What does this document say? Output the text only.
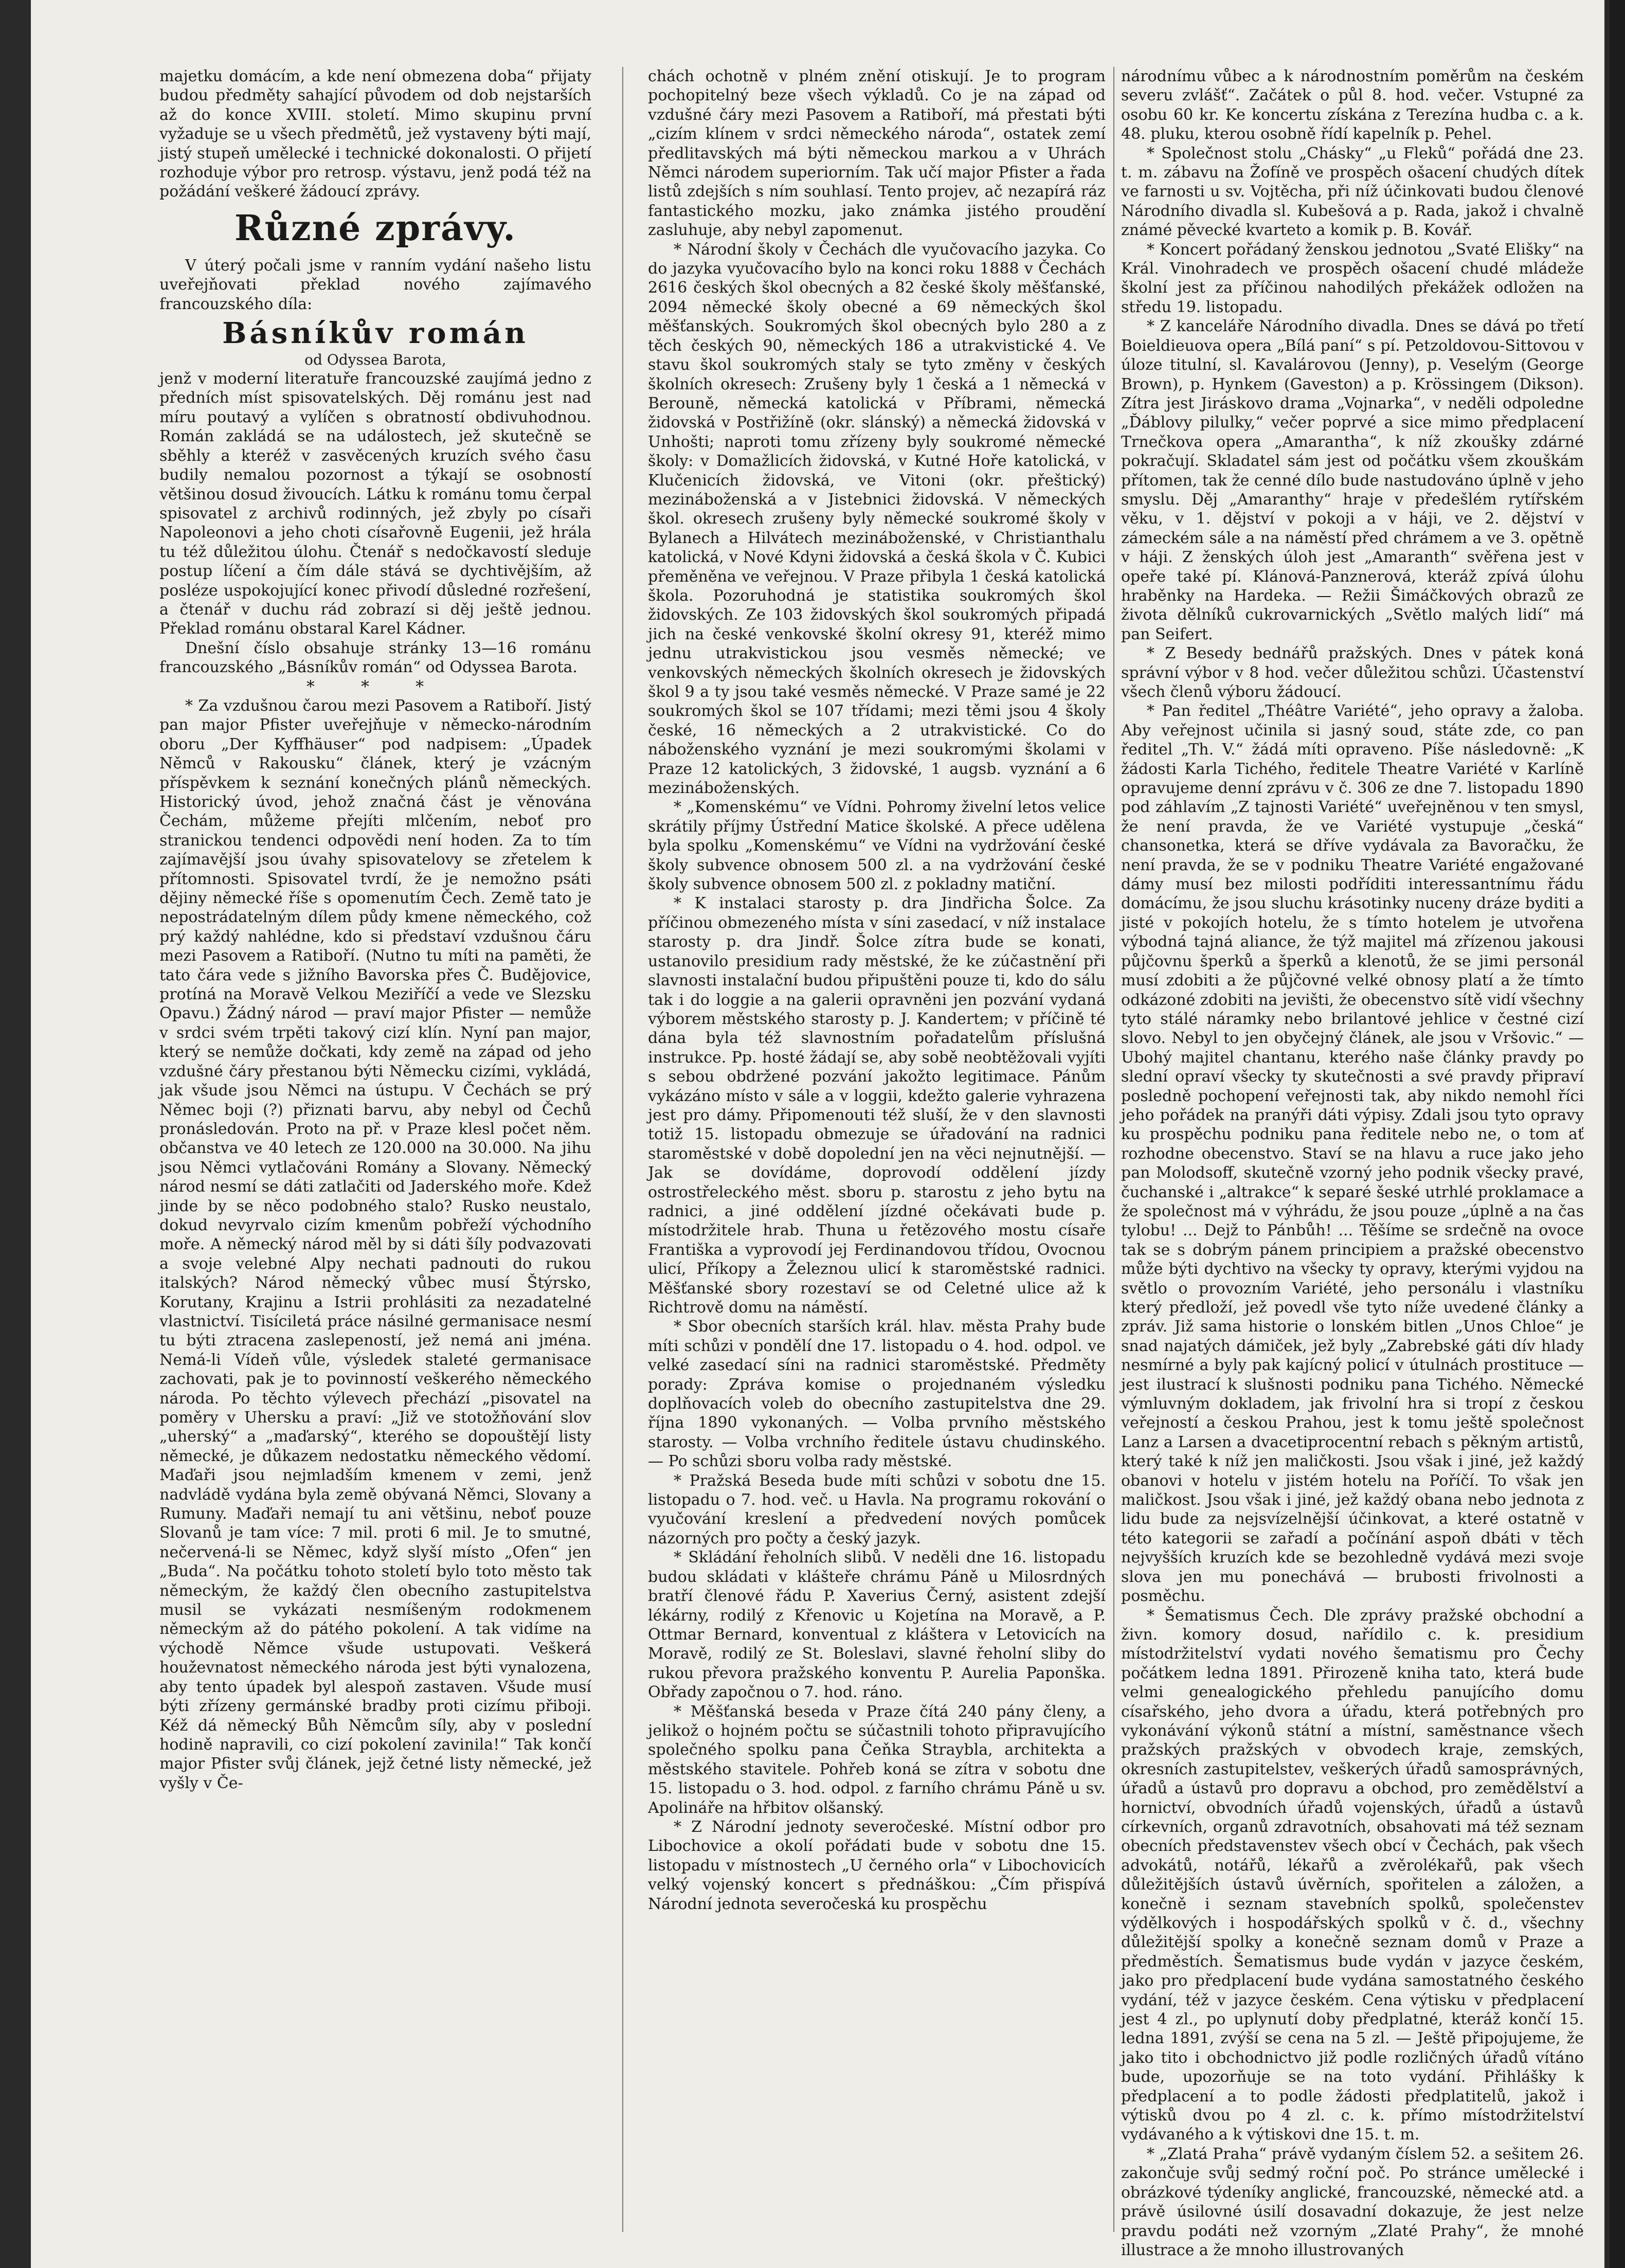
majetku domácím, a kde není obmezena doba“ přijaty budou předměty sahající původem od dob nejstarších až do konce XVIII. století. Mimo skupinu první vyžaduje se u všech předmětů, jež vystaveny býti mají, jistý stupeň umělecké i technické dokonalosti. O přijetí rozhoduje výbor pro retrosp. výstavu, jenž podá též na požádání veškeré žádoucí zprávy.

Různé zprávy.

V úterý počali jsme v ranním vydání našeho listu uveřejňovati překlad nového zajímavého francouzského díla:

Básníkův román
od Odyssea Barota,

jenž v moderní literatuře francouzské zaujímá jedno z předních míst spisovatelských. Děj románu jest nad míru poutavý a vylíčen s obratností obdivuhodnou. Román zakládá se na událostech, jež skutečně se sběhly a kteréž v zasvěcených kruzích svého času budily nemalou pozornost a týkají se osobností většinou dosud živoucích. Látku k románu tomu čerpal spisovatel z archivů rodinných, jež zbyly po císaři Napoleonovi a jeho choti císařovně Eugenii, jež hrála tu též důležitou úlohu. Čtenář s nedočkavostí sleduje postup líčení a čím dále stává se dychtivějším, až posléze uspokojující konec přivodí důsledné rozřešení, a čtenář v duchu rád zobrazí si děj ještě jednou. Překlad románu obstaral Karel Kádner.

Dnešní číslo obsahuje stránky 13—16 románu francouzského „Básníkův román“ od Odyssea Barota.

* * *

* Za vzdušnou čarou mezi Pasovem a Ratiboří. Jistý pan major Pfister uveřejňuje v německo-národním oboru „Der Kyffhäuser“ pod nadpisem: „Úpadek Němců v Rakousku“ článek, který je vzácným příspěvkem k seznání konečných plánů německých. Historický úvod, jehož značná část je věnována Čechám, můžeme přejíti mlčením, neboť pro stranickou tendenci odpovědi není hoden. Za to tím zajímavější jsou úvahy spisovatelovy se zřetelem k přítomnosti. Spisovatel tvrdí, že je nemožno psáti dějiny německé říše s opomenutím Čech. Země tato je nepostrádatelným dílem půdy kmene německého, což prý každý nahlédne, kdo si představí vzdušnou čáru mezi Pasovem a Ratiboří. (Nutno tu míti na paměti, že tato čára vede s jižního Bavorska přes Č. Budějovice, protíná na Moravě Velkou Meziříčí a vede ve Slezsku Opavu.) Žádný národ — praví major Pfister — nemůže v srdci svém trpěti takový cizí klín. Nyní pan major, který se nemůže dočkati, kdy země na západ od jeho vzdušné čáry přestanou býti Německu cizími, vykládá, jak všude jsou Němci na ústupu. V Čechách se prý Němec boji (?) přiznati barvu, aby nebyl od Čechů pronásledován. Proto na př. v Praze klesl počet něm. občanstva ve 40 letech ze 120.000 na 30.000. Na jihu jsou Němci vytlačováni Romány a Slovany. Německý národ nesmí se dáti zatlačiti od Jaderského moře. Kdež jinde by se něco podobného stalo? Rusko neustalo, dokud nevyrvalo cizím kmenům pobřeží východního moře. A německý národ měl by si dáti šíly podvazovati a svoje velebné Alpy nechati padnouti do rukou italských? Národ německý vůbec musí Štýrsko, Korutany, Krajinu a Istrii prohlásiti za nezadatelné vlastnictví. Tisíciletá práce násilné germanisace nesmí tu býti ztracena zaslepeností, jež nemá ani jména. Nemá-li Vídeň vůle, výsledek staleté germanisace zachovati, pak je to povinností veškerého německého národa. Po těchto výlevech přechází „pisovatel na poměry v Uhersku a praví: „Již ve stotožňování slov „uherský“ a „maďarský“, kterého se dopouštějí listy německé, je důkazem nedostatku německého vědomí. Maďaři jsou nejmladším kmenem v zemi, jenž nadvládě vydána byla země obývaná Němci, Slovany a Rumuny. Maďaři nemají tu ani většinu, neboť pouze Slovanů je tam více: 7 mil. proti 6 mil. Je to smutné, nečervená-li se Němec, když slyší místo „Ofen“ jen „Buda“. Na počátku tohoto století bylo toto město tak německým, že každý člen obecního zastupitelstva musil se vykázati nesmíšeným rodokmenem německým až do pátého pokolení. A tak vidíme na východě Němce všude ustupovati. Veškerá houževnatost německého národa jest býti vynalozena, aby tento úpadek byl alespoň zastaven. Všude musí býti zřízeny germánské bradby proti cizímu přiboji. Kéž dá německý Bůh Němcům síly, aby v poslední hodině napravili, co cizí pokolení zavinila!“ Tak končí major Pfister svůj článek, jejž četné listy německé, jež vyšly v Če-

chách ochotně v plném znění otiskují. Je to program pochopitelný beze všech výkladů. Co je na západ od vzdušné čáry mezi Pasovem a Ratiboří, má přestati býti „cizím klínem v srdci německého národa“, ostatek zemí předlitavských má býti německou markou a v Uhrách Němci národem superiorním. Tak učí major Pfister a řada listů zdejších s ním souhlasí. Tento projev, ač nezapírá ráz fantastického mozku, jako známka jistého proudění zasluhuje, aby nebyl zapomenut.

* Národní školy v Čechách dle vyučovacího jazyka. Co do jazyka vyučovacího bylo na konci roku 1888 v Čechách 2616 českých škol obecných a 82 české školy měšťanské, 2094 německé školy obecné a 69 německých škol měšťanských. Soukromých škol obecných bylo 280 a z těch českých 90, německých 186 a utrakvistické 4. Ve stavu škol soukromých staly se tyto změny v českých školních okresech: Zrušeny byly 1 česká a 1 německá v Berouně, německá katolická v Příbrami, německá židovská v Postřižíně (okr. slánský) a německá židovská v Unhošti; naproti tomu zřízeny byly soukromé německé školy: v Domažlicích židovská, v Kutné Hoře katolická, v Klučenicích židovská, ve Vitoni (okr. přeštický) mezináboženská a v Jistebnici židovská. V německých škol. okresech zrušeny byly německé soukromé školy v Bylanech a Hilvátech mezináboženské, v Christianthalu katolická, v Nové Kdyni židovská a česká škola v Č. Kubici přeměněna ve veřejnou. V Praze přibyla 1 česká katolická škola. Pozoruhodná je statistika soukromých škol židovských. Ze 103 židovských škol soukromých připadá jich na české venkovské školní okresy 91, kteréž mimo jednu utrakvistickou jsou vesměs německé; ve venkovských německých školních okresech je židovských škol 9 a ty jsou také vesměs německé. V Praze samé je 22 soukromých škol se 107 třídami; mezi těmi jsou 4 školy české, 16 německých a 2 utrakvistické. Co do náboženského vyznání je mezi soukromými školami v Praze 12 katolických, 3 židovské, 1 augsb. vyznání a 6 mezináboženských.

* „Komenskému“ ve Vídni. Pohromy živelní letos velice skrátily příjmy Ústřední Matice školské. A přece udělena byla spolku „Komenskému“ ve Vídni na vydržování české školy subvence obnosem 500 zl. a na vydržování české školy subvence obnosem 500 zl. z pokladny matiční.

* K instalaci starosty p. dra Jindřicha Šolce. Za příčinou obmezeného místa v síni zasedací, v níž instalace starosty p. dra Jindř. Šolce zítra bude se konati, ustanovilo presidium rady městské, že ke zúčastnění při slavnosti instalační budou připuštěni pouze ti, kdo do sálu tak i do loggie a na galerii opravněni jen pozvání vydaná výborem městského starosty p. J. Kandertem; v příčině té dána byla též slavnostním pořadatelům příslušná instrukce. Pp. hosté žádají se, aby sobě neobtěžovali vyjíti s sebou obdržené pozvání jakožto legitimace. Pánům vykázáno místo v sále a v loggii, kdežto galerie vyhrazena jest pro dámy. Připomenouti též sluší, že v den slavnosti totiž 15. listopadu obmezuje se úřadování na radnici staroměstské v době dopolední jen na věci nejnutnější. — Jak se dovídáme, doprovodí oddělení jízdy ostrostřeleckého měst. sboru p. starostu z jeho bytu na radnici, a jiné oddělení jízdné očekávati bude p. místodržitele hrab. Thuna u řetězového mostu císaře Františka a vyprovodí jej Ferdinandovou třídou, Ovocnou ulicí, Příkopy a Železnou ulicí k staroměstské radnici. Měšťanské sbory rozestaví se od Celetné ulice až k Richtrově domu na náměstí.

* Sbor obecních starších král. hlav. města Prahy bude míti schůzi v pondělí dne 17. listopadu o 4. hod. odpol. ve velké zasedací síni na radnici staroměstské. Předměty porady: Zpráva komise o projednaném výsledku doplňovacích voleb do obecního zastupitelstva dne 29. října 1890 vykonaných. — Volba prvního městského starosty. — Volba vrchního ředitele ústavu chudinského. — Po schůzi sboru volba rady městské.

* Pražská Beseda bude míti schůzi v sobotu dne 15. listopadu o 7. hod. več. u Havla. Na programu rokování o vyučování kreslení a předvedení nových pomůcek názorných pro počty a český jazyk.

* Skládání řeholních slibů. V neděli dne 16. listopadu budou skládati v klášteře chrámu Páně u Milosrdných bratří členové řádu P. Xaverius Černý, asistent zdejší lékárny, rodilý z Křenovic u Kojetína na Moravě, a P. Ottmar Bernard, konventual z kláštera v Letovicích na Moravě, rodilý ze St. Boleslavi, slavné řeholní sliby do rukou převora pražského konventu P. Aurelia Paponška. Obřady započnou o 7. hod. ráno.

* Měšťanská beseda v Praze čítá 240 pány členy, a jelikož o hojném počtu se súčastnili tohoto připravujícího společného spolku pana Čeňka Straybla, architekta a městského stavitele. Pohřeb koná se zítra v sobotu dne 15. listopadu o 3. hod. odpol. z farního chrámu Páně u sv. Apolináře na hřbitov olšanský.

* Z Národní jednoty severočeské. Místní odbor pro Libochovice a okolí pořádati bude v sobotu dne 15. listopadu v místnostech „U černého orla“ v Libochovicích velký vojenský koncert s přednáškou: „Čím přispívá Národní jednota severočeská ku prospěchu

národnímu vůbec a k národnostním poměrům na českém severu zvlášť“. Začátek o půl 8. hod. večer. Vstupné za osobu 60 kr. Ke koncertu získána z Terezína hudba c. a k. 48. pluku, kterou osobně řídí kapelník p. Pehel.

* Společnost stolu „Chásky“ „u Fleků“ pořádá dne 23. t. m. zábavu na Žofíně ve prospěch ošacení chudých dítek ve farnosti u sv. Vojtěcha, při níž účinkovati budou členové Národního divadla sl. Kubešová a p. Rada, jakož i chvalně známé pěvecké kvarteto a komik p. B. Kovář.

* Koncert pořádaný ženskou jednotou „Svaté Elišky“ na Král. Vinohradech ve prospěch ošacení chudé mládeže školní jest za příčinou nahodilých překážek odložen na středu 19. listopadu.

* Z kanceláře Národního divadla. Dnes se dává po třetí Boieldieuova opera „Bílá paní“ s pí. Petzoldovou-Sittovou v úloze titulní, sl. Kavalárovou (Jenny), p. Veselým (George Brown), p. Hynkem (Gaveston) a p. Krössingem (Dikson). Zítra jest Jiráskovo drama „Vojnarka“, v neděli odpoledne „Ďáblovy pilulky,“ večer poprvé a sice mimo předplacení Trnečkova opera „Amarantha“, k níž zkoušky zdárné pokračují. Skladatel sám jest od počátku všem zkouškám přítomen, tak že cenné dílo bude nastudováno úplně v jeho smyslu. Děj „Amaranthy“ hraje v předešlém rytířském věku, v 1. dějství v pokoji a v háji, ve 2. dějství v zámeckém sále a na náměstí před chrámem a ve 3. opětně v háji. Z ženských úloh jest „Amaranth“ svěřena jest v opeře také pí. Klánová-Panznerová, kteráž zpívá úlohu hraběnky na Hardeka. — Režii Šimáčkových obrazů ze života dělníků cukrovarnických „Světlo malých lidí“ má pan Seifert.

* Z Besedy bednářů pražských. Dnes v pátek koná správní výbor v 8 hod. večer důležitou schůzi. Účastenství všech členů výboru žádoucí.

* Pan ředitel „Théâtre Variété“, jeho opravy a žaloba. Aby veřejnost učinila si jasný soud, státe zde, co pan ředitel „Th. V.“ žádá míti opraveno. Píše následovně: „K žádosti Karla Tichého, ředitele Theatre Variété v Karlíně opravujeme denní zprávu v č. 306 ze dne 7. listopadu 1890 pod záhlavím „Z tajnosti Variété“ uveřejněnou v ten smysl, že není pravda, že ve Variété vystupuje „česká“ chansonetka, která se dříve vydávala za Bavoračku, že není pravda, že se v podniku Theatre Variété engažované dámy musí bez milosti podříditi interessantnímu řádu domácímu, že jsou sluchu krásotinky nuceny dráze byditi a jisté v pokojích hotelu, že s tímto hotelem je utvořena výbodná tajná aliance, že týž majitel má zřízenou jakousi půjčovnu šperků a šperků a klenotů, že se jimi personál musí zdobiti a že půjčovné velké obnosy platí a že tímto odkázoné zdobiti na jevišti, že obecenstvo sítě vidí všechny tyto stálé náramky nebo brilantové jehlice v čestné cizí slovo. Nebyl to jen obyčejný článek, ale jsou v Vršovic.“ — Ubohý majitel chantanu, kterého naše články pravdy po slední opraví všecky ty skutečnosti a své pravdy připraví posledně pochopení veřejnosti tak, aby nikdo nemohl říci jeho pořádek na pranýři dáti výpisy. Zdali jsou tyto opravy ku prospěchu podniku pana ředitele nebo ne, o tom ať rozhodne obecenstvo. Staví se na hlavu a ruce jako jeho pan Molodsoff, skutečně vzorný jeho podnik všecky pravé, čuchanské i „altrakce“ k separé šeské utrhlé proklamace a že společnost má v výhrádu, že jsou pouze „úplně a na čas tylobu! ... Dejž to Pánbůh! ... Těšíme se srdečně na ovoce tak se s dobrým pánem principiem a pražské obecenstvo může býti dychtivo na všecky ty opravy, kterými vyjdou na světlo o provozním Variété, jeho personálu i vlastníku který předloží, jež povedl vše tyto níže uvedené články a zpráv. Již sama historie o lonském bitlen „Unos Chloe“ je snad najatých dámiček, jež byly „Zabrebské gáti dív hlady nesmírné a byly pak kajícný policí v útulnách prostituce — jest ilustrací k slušnosti podniku pana Tichého. Německé výmluvným dokladem, jak frivolní hra si tropí z českou veřejností a českou Prahou, jest k tomu ještě společnost Lanz a Larsen a dvacetiprocentní rebach s pěkným artistů, který také k níž jen maličkosti. Jsou však i jiné, jež každý obanovi v hotelu v jistém hotelu na Poříčí. To však jen maličkost. Jsou však i jiné, jež každý obana nebo jednota z lidu bude za nejsvízelnější účinkovat, a které ostatně v této kategorii se zařadí a počínání aspoň dbáti v těch nejvyšších kruzích kde se bezohledně vydává mezi svoje slova jen mu ponechává — brubosti frivolnosti a posměchu.

* Šematismus Čech. Dle zprávy pražské obchodní a živn. komory dosud, nařídilo c. k. presidium místodržitelství vydati nového šematismu pro Čechy počátkem ledna 1891. Přirozeně kniha tato, která bude velmi genealogického přehledu panujícího domu císařského, jeho dvora a úřadu, která potřebných pro vykonávání výkonů státní a místní, saměstnance všech pražských pražských v obvodech kraje, zemských, okresních zastupitelstev, veškerých úřadů samosprávných, úřadů a ústavů pro dopravu a obchod, pro zemědělství a hornictví, obvodních úřadů vojenských, úřadů a ústavů církevních, organů zdravotních, obsahovati má též seznam obecních představenstev všech obcí v Čechách, pak všech advokátů, notářů, lékařů a zvěrolékařů, pak všech důležitějších ústavů úvěrních, spořitelen a záložen, a konečně i seznam stavebních spolků, společenstev výdělkových i hospodářských spolků v č. d., všechny důležitější spolky a konečně seznam domů v Praze a předměstích. Šematismus bude vydán v jazyce českém, jako pro předplacení bude vydána samostatného českého vydání, též v jazyce českém. Cena výtisku v předplacení jest 4 zl., po uplynutí doby předplatné, kteráž končí 15. ledna 1891, zvýší se cena na 5 zl. — Ještě připojujeme, že jako tito i obchodnictvo již podle rozličných úřadů vítáno bude, upozorňuje se na toto vydání. Přihlášky k předplacení a to podle žádosti předplatitelů, jakož i výtisků dvou po 4 zl. c. k. přímo místodržitelství vydávaného a k výtiskovi dne 15. t. m.

* „Zlatá Praha“ právě vydaným číslem 52. a sešitem 26. zakončuje svůj sedmý roční poč. Po stránce umělecké i obrázkové týdeníky anglické, francouzské, německé atd. a právě úsilovné úsilí dosavadní dokazuje, že jest nelze pravdu podáti než vzorným „Zlaté Prahy“, že mnohé illustrace a že mnoho illustrovaných
